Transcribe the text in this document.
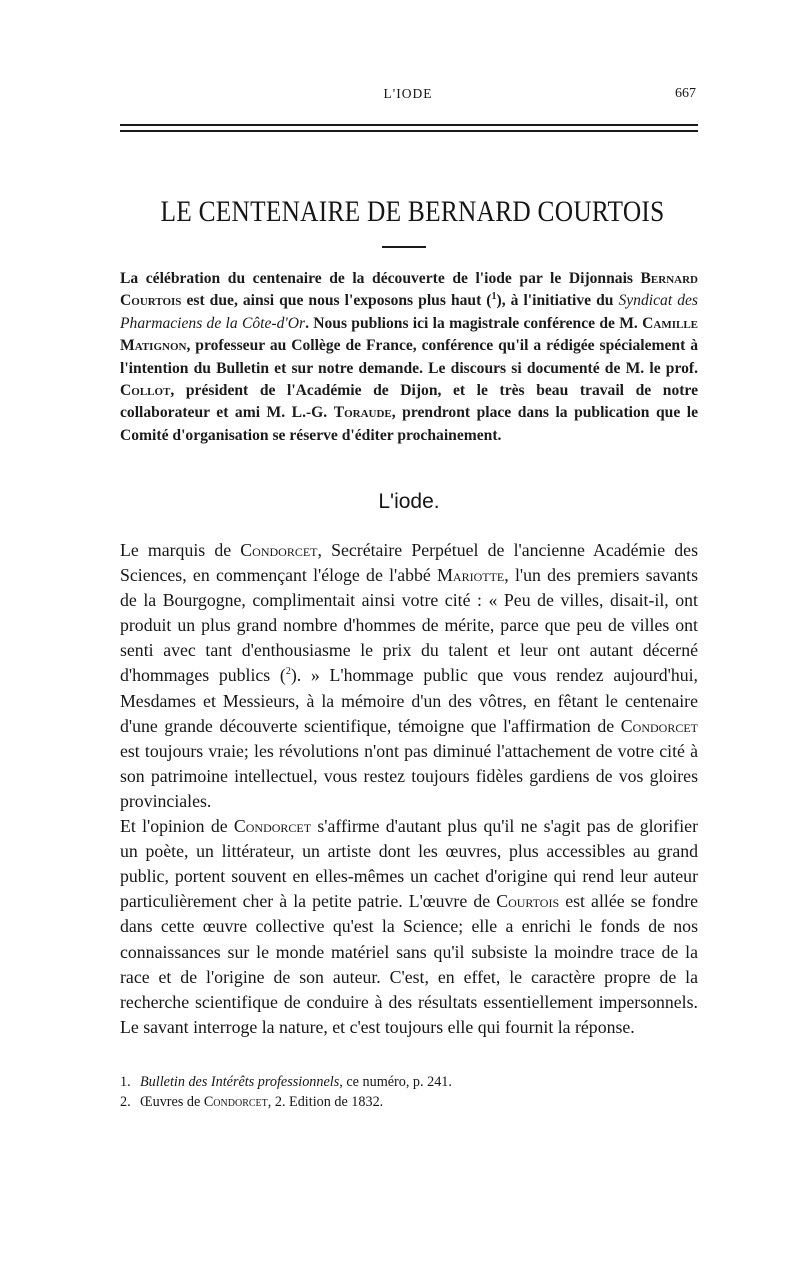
L'IODE	667
LE CENTENAIRE DE BERNARD COURTOIS

La célébration du centenaire de la découverte de l'iode par le Dijonnais Bernard Courtois est due, ainsi que nous l'exposons plus haut ($^1$), à l'initiative du Syndicat des Pharmaciens de la Côte-d'Or. Nous publions ici la magistrale conférence de M. Camille Matignon, professeur au Collège de France, conférence qu'il a rédigée spécialement à l'intention du Bulletin et sur notre demande. Le discours si documenté de M. le prof. Collot, président de l'Académie de Dijon, et le très beau travail de notre collaborateur et ami M. L.-G. Toraude, prendront place dans la publication que le Comité d'organisation se réserve d'éditer prochainement.

L'iode.

Le marquis de Condorcet, Secrétaire Perpétuel de l'ancienne Académie des Sciences, en commençant l'éloge de l'abbé Mariotte, l'un des premiers savants de la Bourgogne, complimentait ainsi votre cité : « Peu de villes, disait-il, ont produit un plus grand nombre d'hommes de mérite, parce que peu de villes ont senti avec tant d'enthousiasme le prix du talent et leur ont autant décerné d'hommages publics ($^2$). » L'hommage public que vous rendez aujourd'hui, Mesdames et Messieurs, à la mémoire d'un des vôtres, en fêtant le centenaire d'une grande découverte scientifique, témoigne que l'affirmation de Condorcet est toujours vraie; les révolutions n'ont pas diminué l'attachement de votre cité à son patrimoine intellectuel, vous restez toujours fidèles gardiens de vos gloires provinciales.

Et l'opinion de Condorcet s'affirme d'autant plus qu'il ne s'agit pas de glorifier un poète, un littérateur, un artiste dont les œuvres, plus accessibles au grand public, portent souvent en elles-mêmes un cachet d'origine qui rend leur auteur particulièrement cher à la petite patrie. L'œuvre de Courtois est allée se fondre dans cette œuvre collective qu'est la Science; elle a enrichi le fonds de nos connaissances sur le monde matériel sans qu'il subsiste la moindre trace de la race et de l'origine de son auteur. C'est, en effet, le caractère propre de la recherche scientifique de conduire à des résultats essentiellement impersonnels. Le savant interroge la nature, et c'est toujours elle qui fournit la réponse.

1. Bulletin des Intérêts professionnels, ce numéro, p. 241.
2. Œuvres de Condorcet, 2. Edition de 1832.
